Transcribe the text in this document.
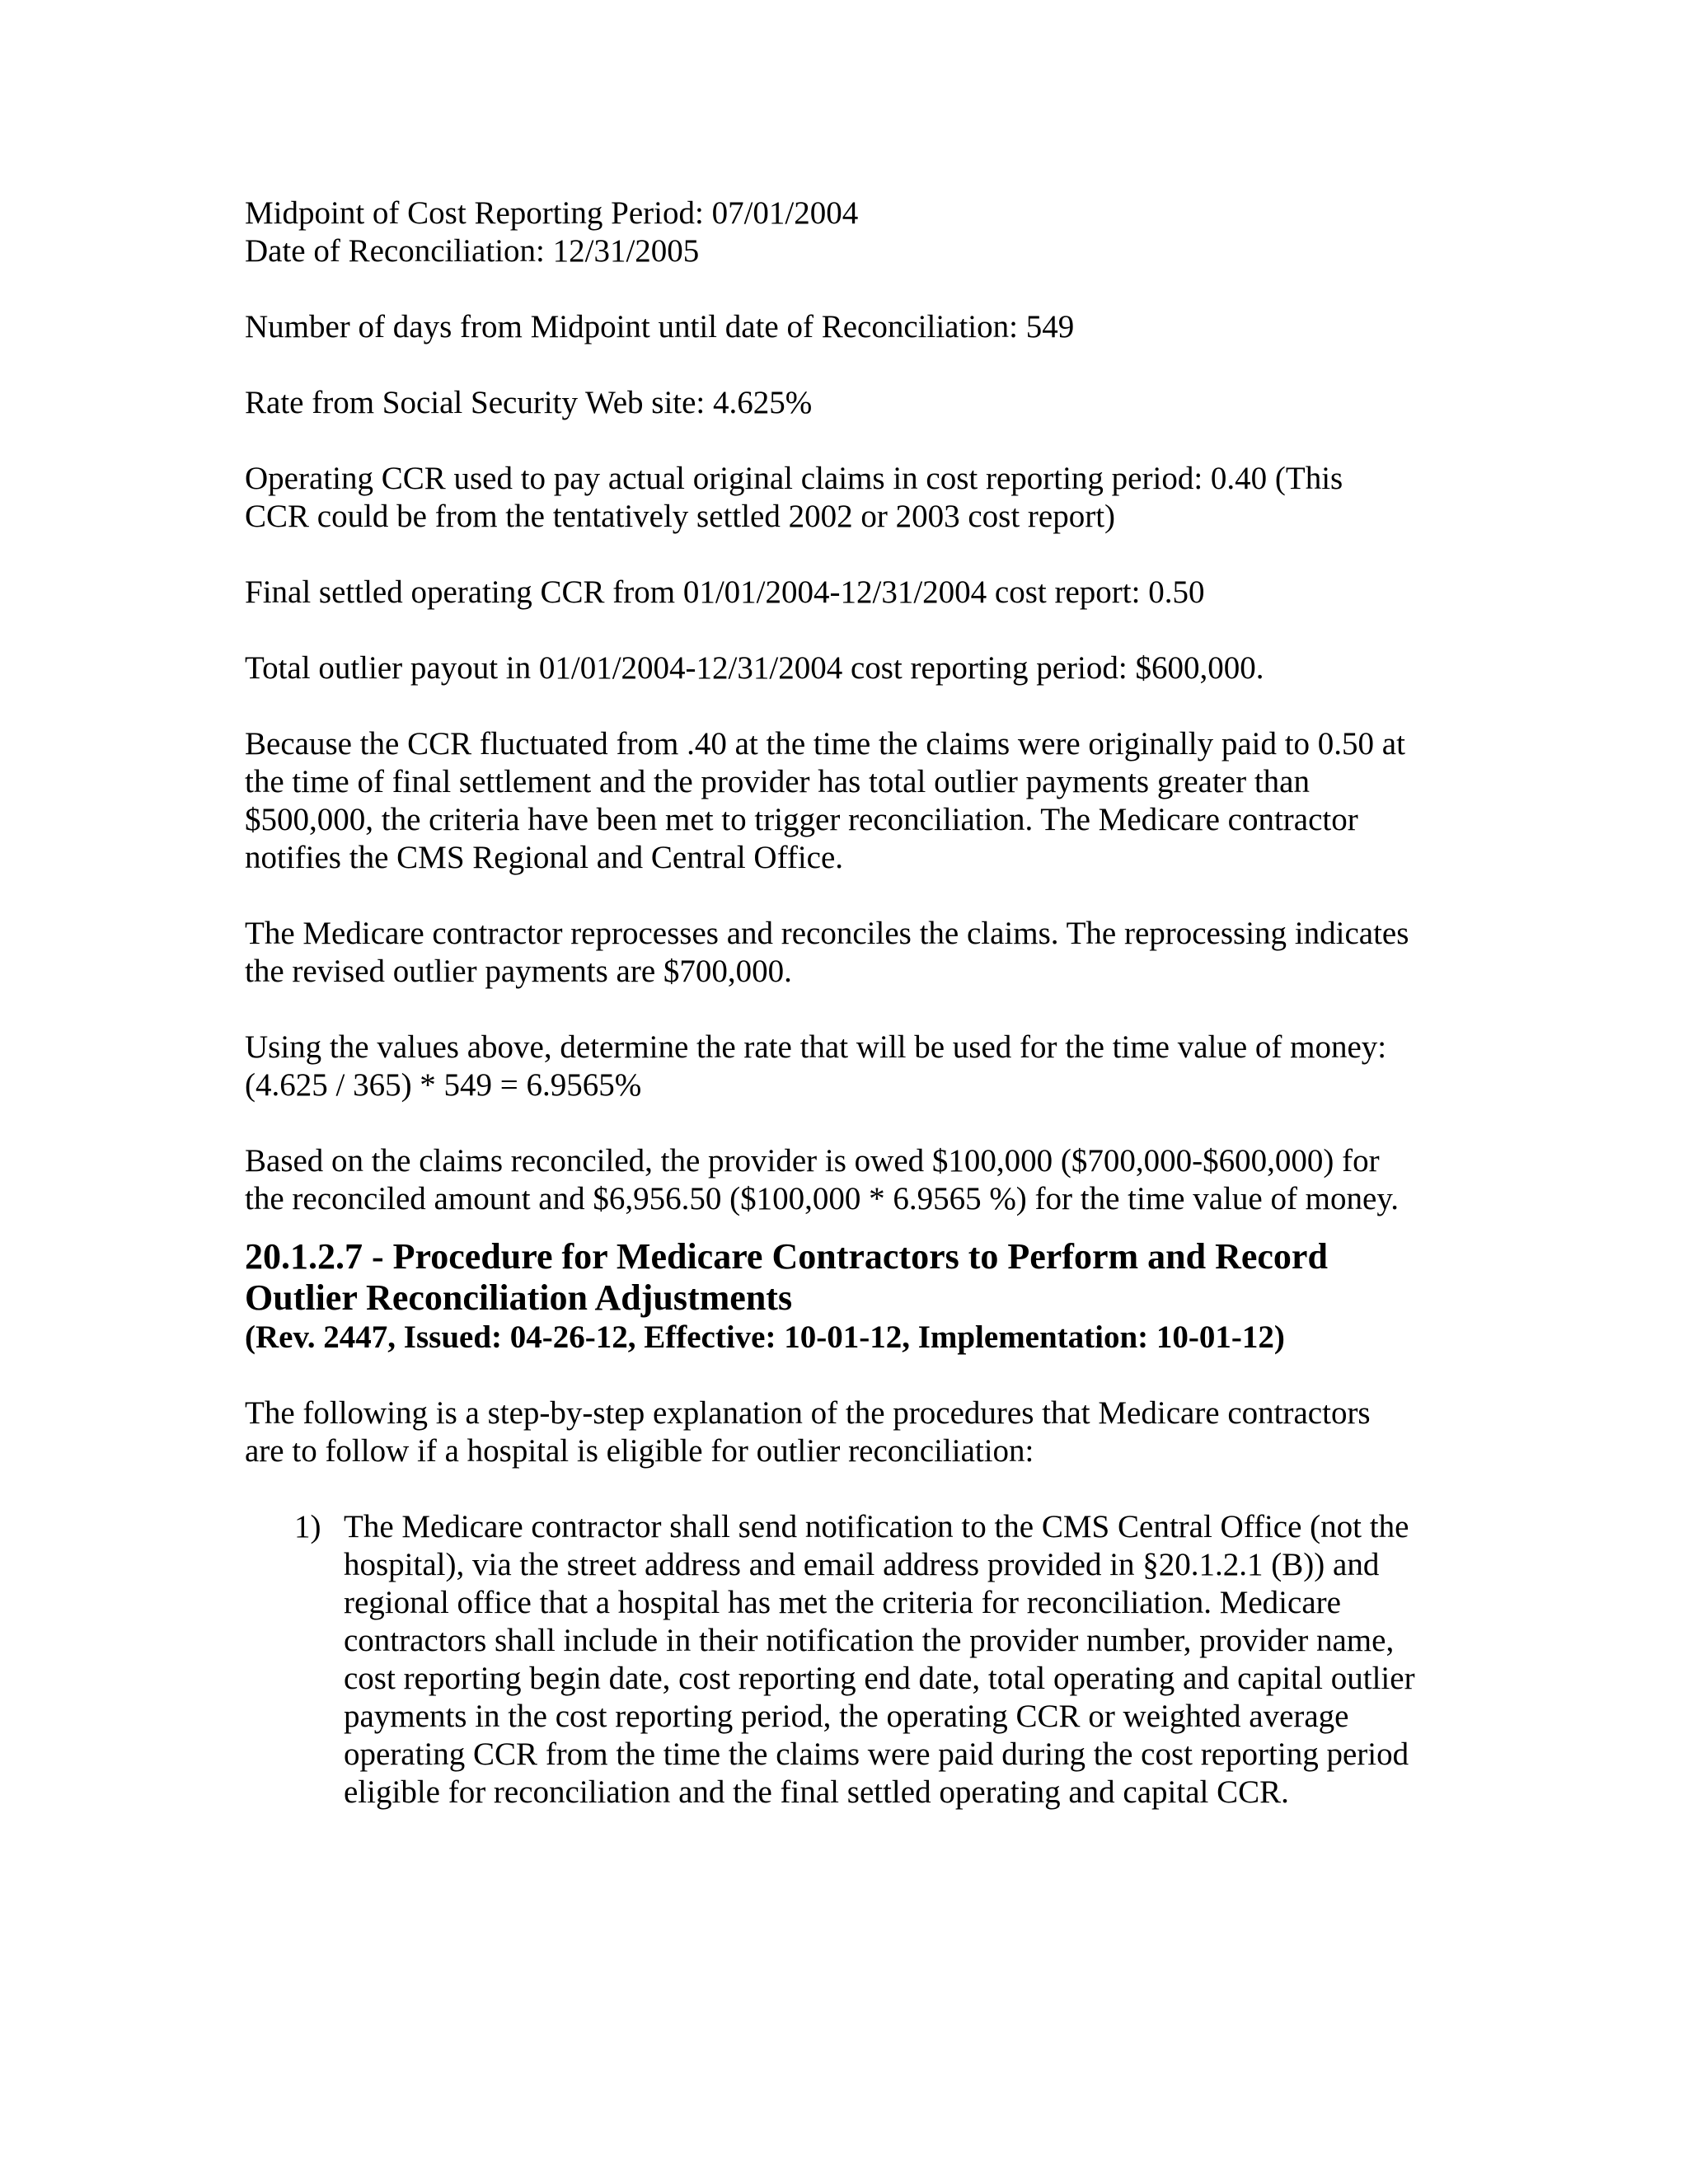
Midpoint of Cost Reporting Period: 07/01/2004

Date of Reconciliation: 12/31/2005

Number of days from Midpoint until date of Reconciliation: 549

Rate from Social Security Web site: 4.625%

Operating CCR used to pay actual original claims in cost reporting period: 0.40 (This

CCR could be from the tentatively settled 2002 or 2003 cost report)

Final settled operating CCR from 01/01/2004-12/31/2004 cost report: 0.50

Total outlier payout in 01/01/2004-12/31/2004 cost reporting period: $600,000.

Because the CCR fluctuated from .40 at the time the claims were originally paid to 0.50 at

the time of final settlement and the provider has total outlier payments greater than

$500,000, the criteria have been met to trigger reconciliation. The Medicare contractor

notifies the CMS Regional and Central Office.

The Medicare contractor reprocesses and reconciles the claims. The reprocessing indicates

the revised outlier payments are $700,000.

Using the values above, determine the rate that will be used for the time value of money:

(4.625 / 365) * 549 = 6.9565%

Based on the claims reconciled, the provider is owed $100,000 ($700,000-$600,000) for

the reconciled amount and $6,956.50 ($100,000 * 6.9565 %) for the time value of money.

20.1.2.7 - Procedure for Medicare Contractors to Perform and Record

Outlier Reconciliation Adjustments

(Rev. 2447, Issued: 04-26-12, Effective: 10-01-12, Implementation: 10-01-12)

The following is a step-by-step explanation of the procedures that Medicare contractors

are to follow if a hospital is eligible for outlier reconciliation:

1) The Medicare contractor shall send notification to the CMS Central Office (not the
hospital), via the street address and email address provided in §20.1.2.1 (B)) and
regional office that a hospital has met the criteria for reconciliation. Medicare
contractors shall include in their notification the provider number, provider name,
cost reporting begin date, cost reporting end date, total operating and capital outlier
payments in the cost reporting period, the operating CCR or weighted average
operating CCR from the time the claims were paid during the cost reporting period
eligible for reconciliation and the final settled operating and capital CCR.
